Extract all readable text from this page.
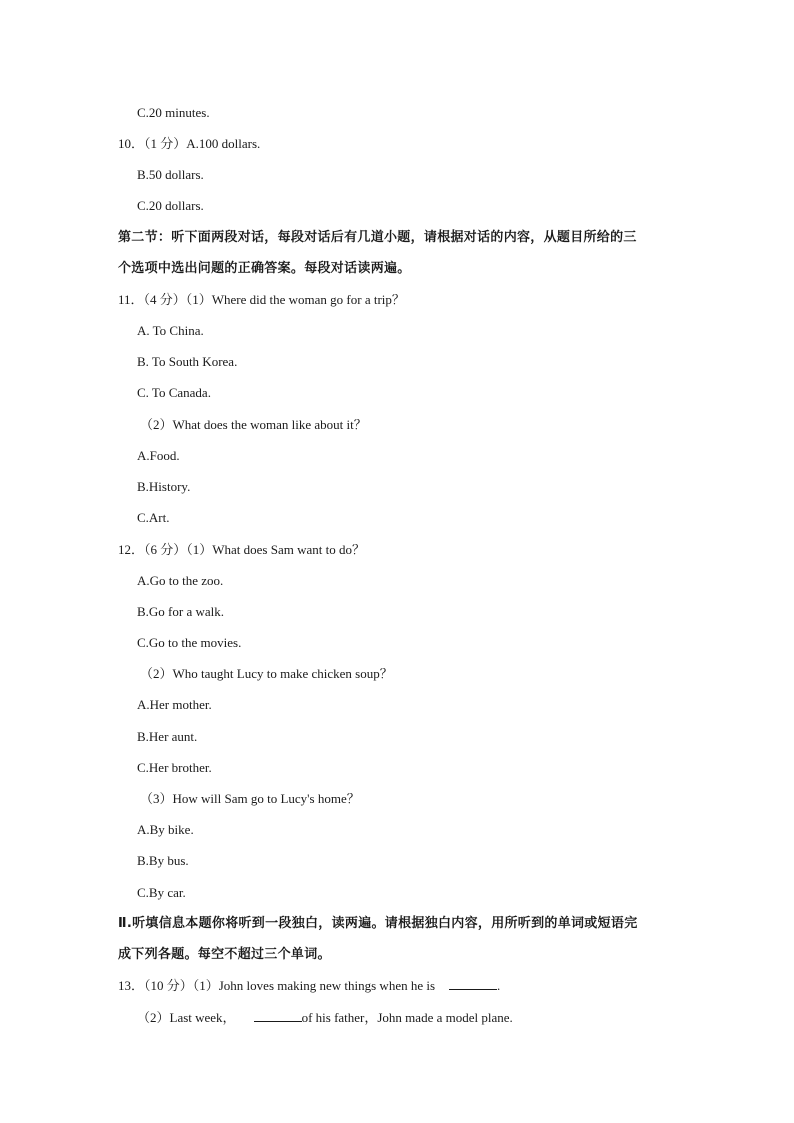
C.20 minutes.
10．（1 分）A.100 dollars.
B.50 dollars.
C.20 dollars.
第二节：听下面两段对话，每段对话后有几道小题，请根据对话的内容，从题目所给的三
个选项中选出问题的正确答案。每段对话读两遍。
11．（4 分）（1）Where did the woman go for a trip？
A. To China.
B. To South Korea.
C. To Canada.
（2）What does the woman like about it？
A.Food.
B.History.
C.Art.
12．（6 分）（1）What does Sam want to do？
A.Go to the zoo.
B.Go for a walk.
C.Go to the movies.
（2）Who taught Lucy to make chicken soup？
A.Her mother.
B.Her aunt.
C.Her brother.
（3）How will Sam go to Lucy's home？
A.By bike.
B.By bus.
C.By car.
Ⅱ.听填信息本题你将听到一段独白，读两遍。请根据独白内容，用所听到的单词或短语完
成下列各题。每空不超过三个单词。
13．（10 分）（1）John loves making new things when he is	.
（2）Last week，	of his father，John made a model plane.
